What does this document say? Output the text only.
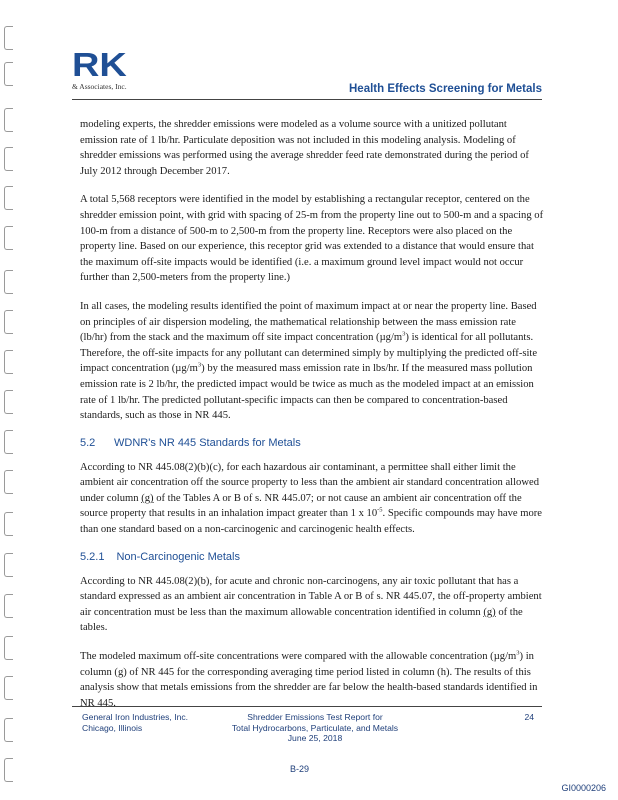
RK
& Associates, Inc.	Health Effects Screening for Metals

modeling experts, the shredder emissions were modeled as a volume source with a unitized pollutant emission rate of 1 lb/hr. Particulate deposition was not included in this modeling analysis. Modeling of shredder emissions was performed using the average shredder feed rate demonstrated during the period of July 2012 through December 2017.

A total 5,568 receptors were identified in the model by establishing a rectangular receptor, centered on the shredder emission point, with grid with spacing of 25-m from the property line out to 500-m and a spacing of 100-m from a distance of 500-m to 2,500-m from the property line. Receptors were also placed on the property line. Based on our experience, this receptor grid was extended to a distance that would ensure that the maximum off-site impacts would be identified (i.e. a maximum ground level impact would not occur further than 2,500-meters from the property line.)

In all cases, the modeling results identified the point of maximum impact at or near the property line. Based on principles of air dispersion modeling, the mathematical relationship between the mass emission rate (lb/hr) from the stack and the maximum off site impact concentration $(\mu g/m^3)$ is identical for all pollutants. Therefore, the off-site impacts for any pollutant can determined simply by multiplying the predicted off-site impact concentration $(\mu g/m^3)$ by the measured mass emission rate in lbs/hr. If the measured mass pollution emission rate is 2 lb/hr, the predicted impact would be twice as much as the modeled impact at an emission rate of 1 lb/hr. The predicted pollutant-specific impacts can then be compared to concentration-based standards, such as those in NR 445.

5.2	WDNR's NR 445 Standards for Metals

According to NR 445.08(2)(b)(c), for each hazardous air contaminant, a permittee shall either limit the ambient air concentration off the source property to less than the ambient air standard concentration allowed under column (g) of the Tables A or B of s. NR 445.07; or not cause an ambient air concentration off the source property that results in an inhalation impact greater than 1 x $10^{-5}$. Specific compounds may have more than one standard based on a non-carcinogenic and carcinogenic health effects.

5.2.1 Non-Carcinogenic Metals

According to NR 445.08(2)(b), for acute and chronic non-carcinogens, any air toxic pollutant that has a standard expressed as an ambient air concentration in Table A or B of s. NR 445.07, the off-property ambient air concentration must be less than the maximum allowable concentration identified in column (g) of the tables.

The modeled maximum off-site concentrations were compared with the allowable concentration $(\mu g/m^3)$ in column (g) of NR 445 for the corresponding averaging time period listed in column (h). The results of this analysis show that metals emissions from the shredder are far below the health-based standards identified in NR 445.

General Iron Industries, Inc.
Chicago, Illinois
Shredder Emissions Test Report for
Total Hydrocarbons, Particulate, and Metals
June 25, 2018
24
B-29
GI0000206
